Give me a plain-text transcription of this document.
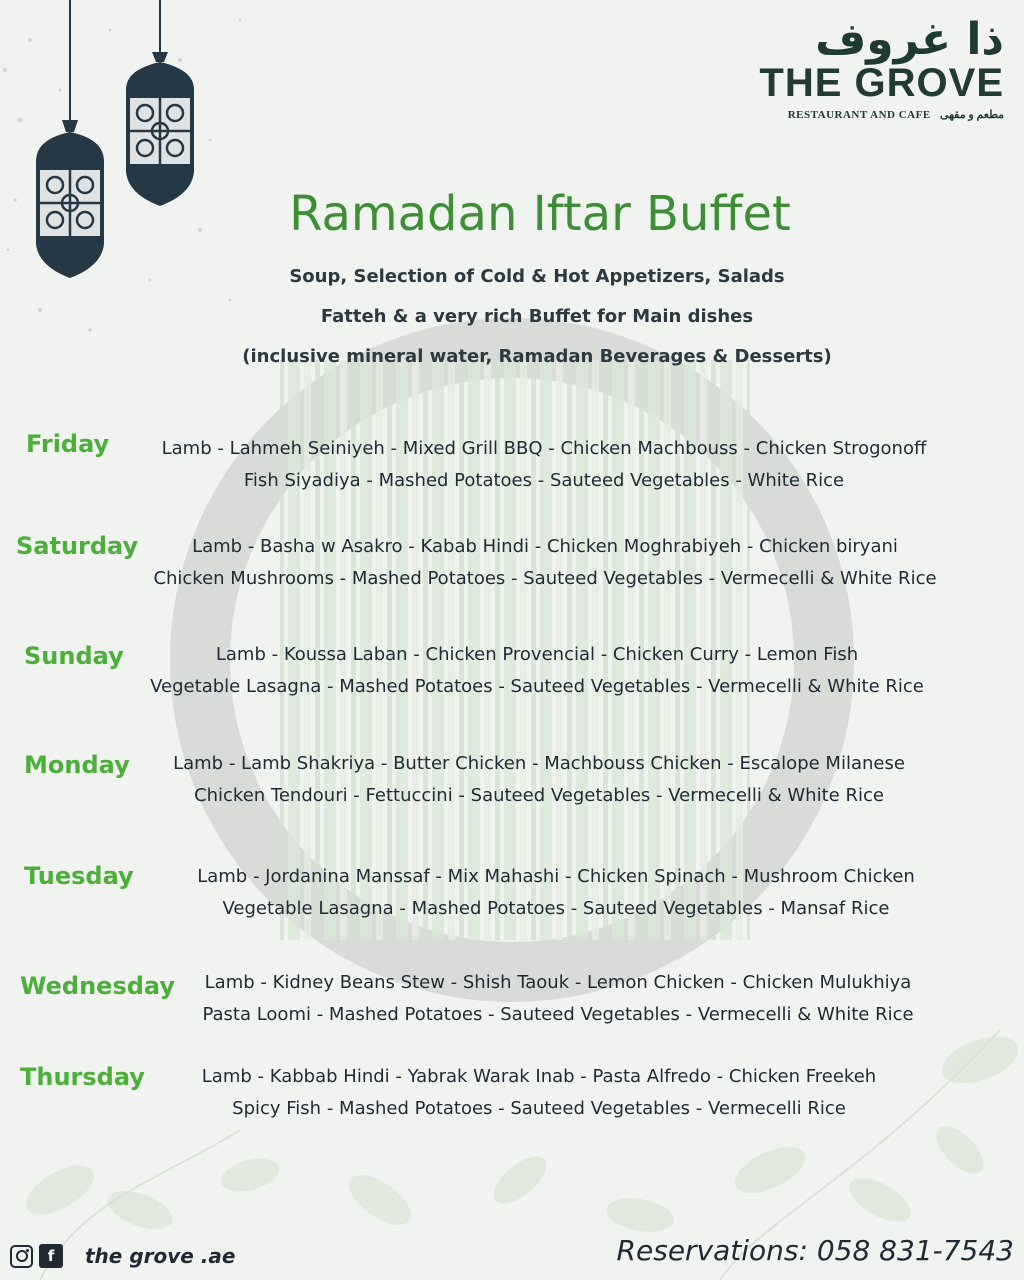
ذا غروف
THE GROVE
RESTAURANT AND CAFE مطعم و مقهى
Ramadan Iftar Buffet
Soup, Selection of Cold & Hot Appetizers, Salads
Fatteh & a very rich Buffet for Main dishes
(inclusive mineral water, Ramadan Beverages & Desserts)
Friday	Lamb - Lahmeh Seiniyeh - Mixed Grill BBQ - Chicken Machbouss - Chicken Strogonoff
Fish Siyadiya - Mashed Potatoes - Sauteed Vegetables - White Rice
Saturday	Lamb - Basha w Asakro - Kabab Hindi - Chicken Moghrabiyeh - Chicken biryani
Chicken Mushrooms - Mashed Potatoes - Sauteed Vegetables - Vermecelli & White Rice
Sunday	Lamb - Koussa Laban - Chicken Provencial - Chicken Curry - Lemon Fish
Vegetable Lasagna - Mashed Potatoes - Sauteed Vegetables - Vermecelli & White Rice
Monday	Lamb - Lamb Shakriya - Butter Chicken - Machbouss Chicken - Escalope Milanese
Chicken Tendouri - Fettuccini - Sauteed Vegetables - Vermecelli & White Rice
Tuesday	Lamb - Jordanina Manssaf - Mix Mahashi - Chicken Spinach - Mushroom Chicken
Vegetable Lasagna - Mashed Potatoes - Sauteed Vegetables - Mansaf Rice
Wednesday	Lamb - Kidney Beans Stew - Shish Taouk - Lemon Chicken - Chicken Mulukhiya
Pasta Loomi - Mashed Potatoes - Sauteed Vegetables - Vermecelli & White Rice
Thursday	Lamb - Kabbab Hindi - Yabrak Warak Inab - Pasta Alfredo - Chicken Freekeh
Spicy Fish - Mashed Potatoes - Sauteed Vegetables - Vermecelli Rice
f	the grove .ae	Reservations: 058 831-7543
